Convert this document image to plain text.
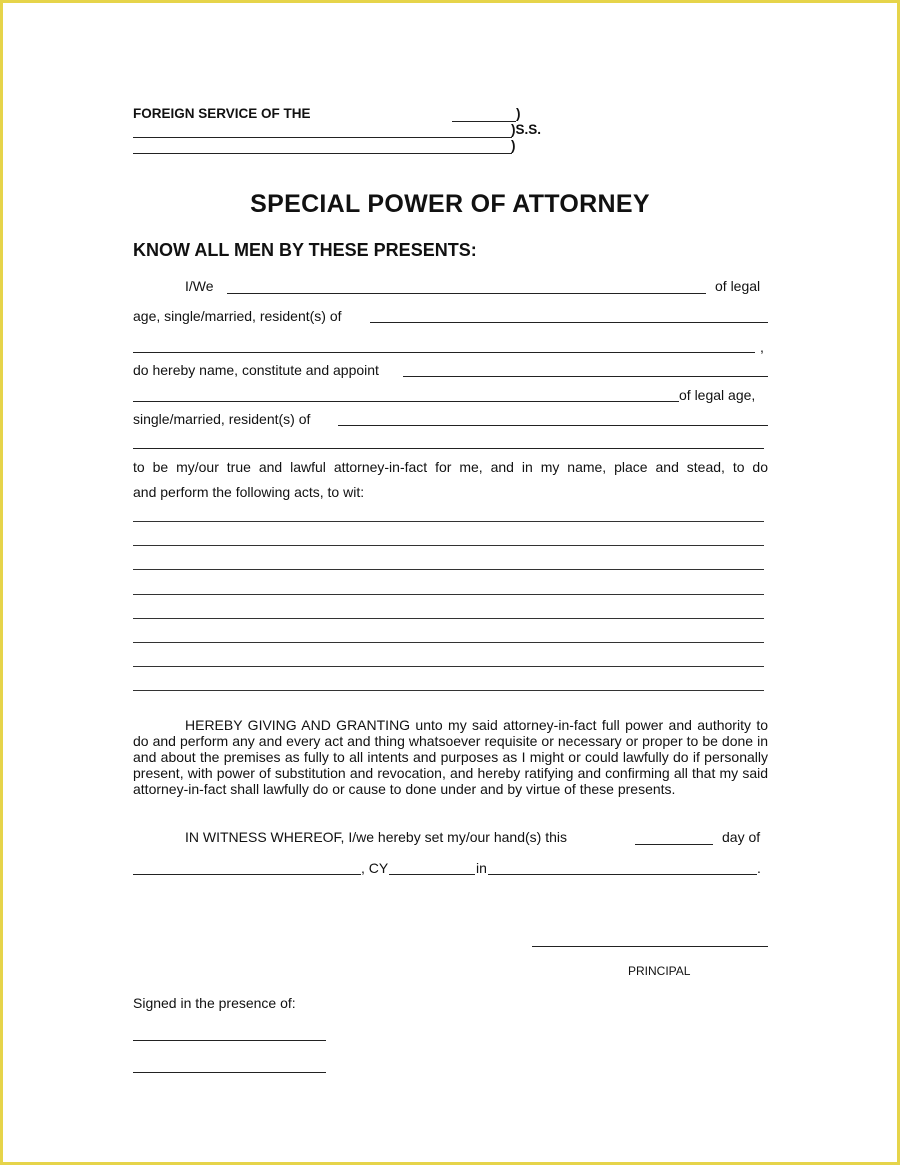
FOREIGN SERVICE OF THE	)
)S.S.
)
SPECIAL POWER OF ATTORNEY
KNOW ALL MEN BY THESE PRESENTS:
I/We	of legal
age, single/married, resident(s) of
,
do hereby name, constitute and appoint
of legal age,
single/married, resident(s) of
to be my/our true and lawful attorney-in-fact for me, and in my name, place and stead, to do
and perform the following acts, to wit:
HEREBY GIVING AND GRANTING unto my said attorney-in-fact full power and authority to do and perform any and every act and thing whatsoever requisite or necessary or proper to be done in and about the premises as fully to all intents and purposes as I might or could lawfully do if personally present, with power of substitution and revocation, and hereby ratifying and confirming all that my said attorney-in-fact shall lawfully do or cause to done under and by virtue of these presents.
IN WITNESS WHEREOF, I/we hereby set my/our hand(s) this	day of
, CY	in	.
PRINCIPAL
Signed in the presence of:
